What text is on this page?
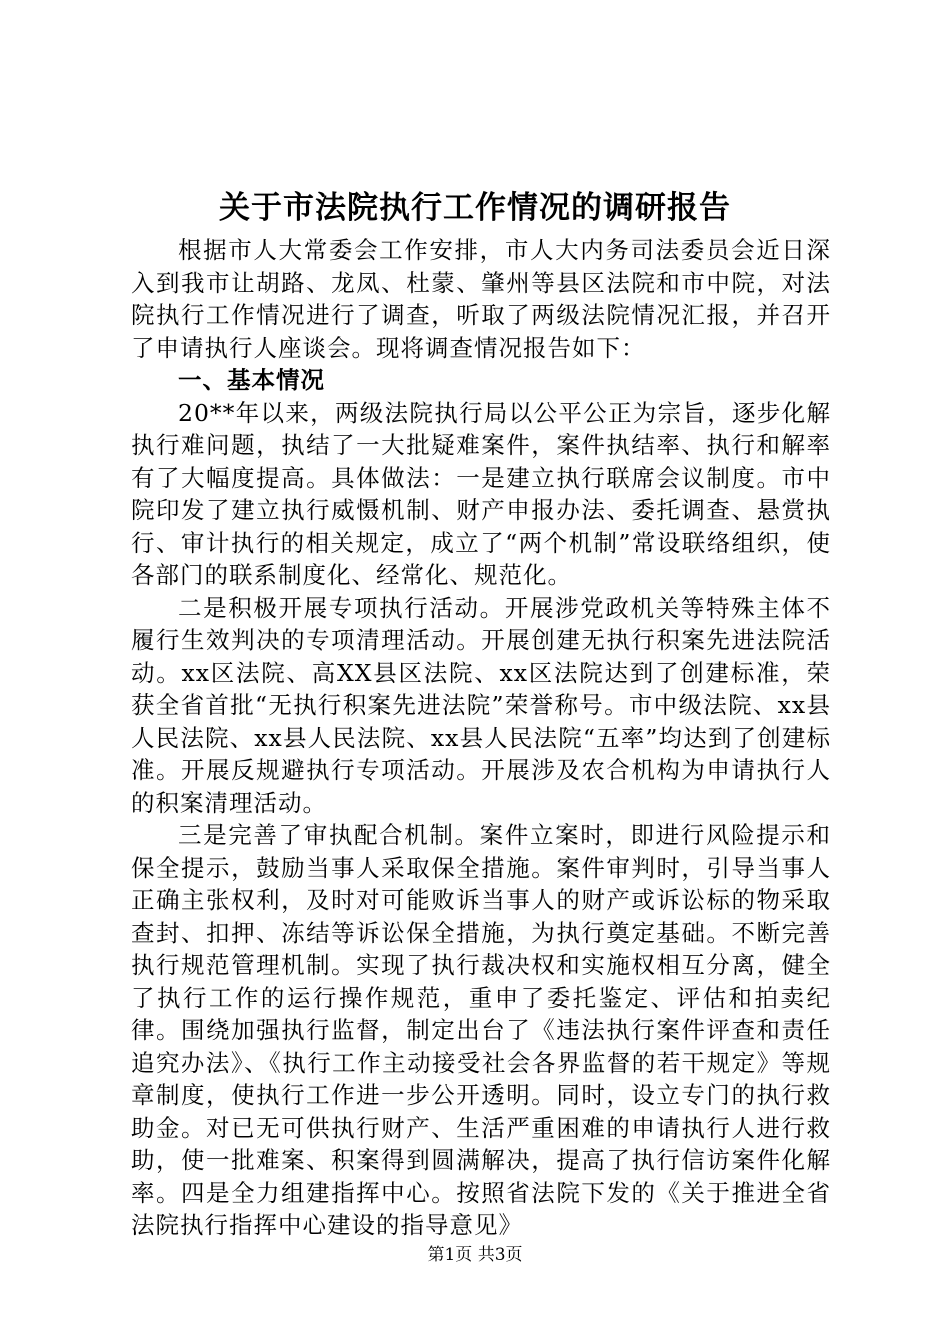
关于市法院执行工作情况的调研报告

根据市人大常委会工作安排，市人大内务司法委员会近日深入到我市让胡路、龙凤、杜蒙、肇州等县区法院和市中院，对法院执行工作情况进行了调查，听取了两级法院情况汇报，并召开了申请执行人座谈会。现将调查情况报告如下：

一、基本情况

20**年以来，两级法院执行局以公平公正为宗旨，逐步化解执行难问题，执结了一大批疑难案件，案件执结率、执行和解率有了大幅度提高。具体做法：一是建立执行联席会议制度。市中院印发了建立执行威慑机制、财产申报办法、委托调查、悬赏执行、审计执行的相关规定，成立了“两个机制”常设联络组织，使各部门的联系制度化、经常化、规范化。

二是积极开展专项执行活动。开展涉党政机关等特殊主体不履行生效判决的专项清理活动。开展创建无执行积案先进法院活动。xx区法院、高XX县区法院、xx区法院达到了创建标准，荣获全省首批“无执行积案先进法院”荣誉称号。市中级法院、xx县人民法院、xx县人民法院、xx县人民法院“五率”均达到了创建标准。开展反规避执行专项活动。开展涉及农合机构为申请执行人的积案清理活动。

三是完善了审执配合机制。案件立案时，即进行风险提示和保全提示，鼓励当事人采取保全措施。案件审判时，引导当事人正确主张权利，及时对可能败诉当事人的财产或诉讼标的物采取查封、扣押、冻结等诉讼保全措施，为执行奠定基础。不断完善执行规范管理机制。实现了执行裁决权和实施权相互分离，健全了执行工作的运行操作规范，重申了委托鉴定、评估和拍卖纪律。围绕加强执行监督，制定出台了《违法执行案件评查和责任追究办法》、《执行工作主动接受社会各界监督的若干规定》等规章制度，使执行工作进一步公开透明。同时，设立专门的执行救助金。对已无可供执行财产、生活严重困难的申请执行人进行救助，使一批难案、积案得到圆满解决，提高了执行信访案件化解率。四是全力组建指挥中心。按照省法院下发的《关于推进全省法院执行指挥中心建设的指导意见》

第1页 共3页
